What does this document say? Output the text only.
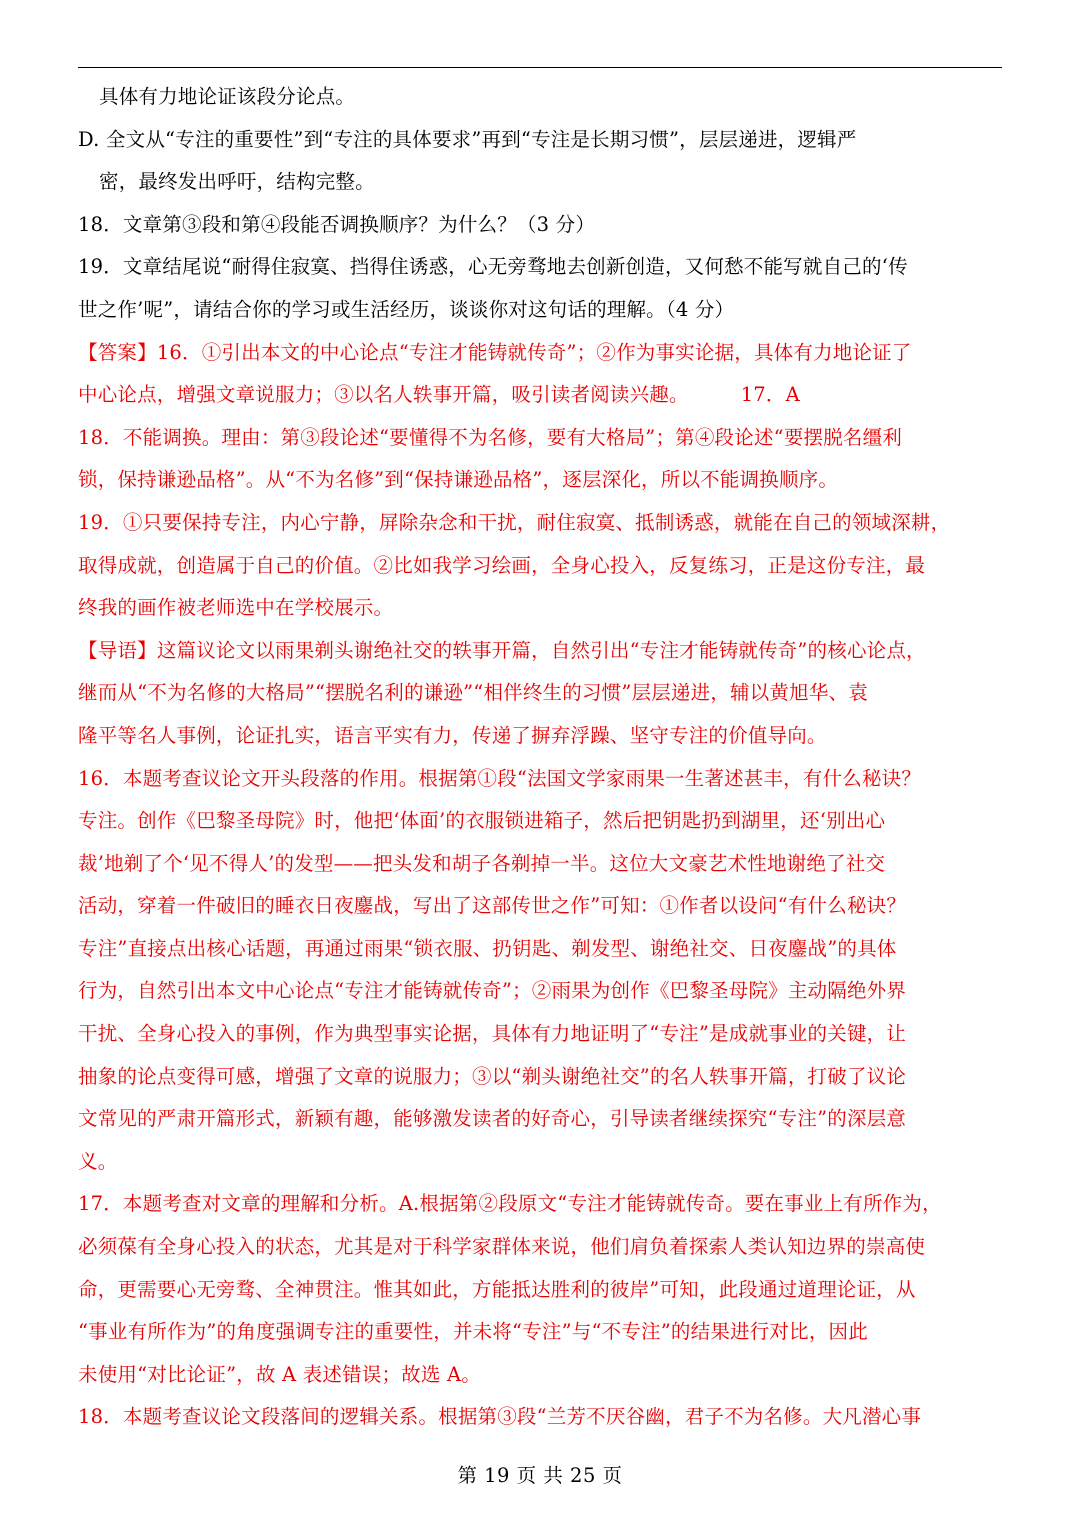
具体有力地论证该段分论点。

D. 全文从“专注的重要性”到“专注的具体要求”再到“专注是长期习惯”，层层递进，逻辑严

密，最终发出呼吁，结构完整。

18．文章第③段和第④段能否调换顺序？为什么？（3 分）

19．文章结尾说“耐得住寂寞、挡得住诱惑，心无旁骛地去创新创造，又何愁不能写就自己的‘传

世之作’呢”，请结合你的学习或生活经历，谈谈你对这句话的理解。（4 分）

【答案】16．①引出本文的中心论点“专注才能铸就传奇”；②作为事实论据，具体有力地论证了

中心论点，增强文章说服力；③以名人轶事开篇，吸引读者阅读兴趣。	17．A

18．不能调换。理由：第③段论述“要懂得不为名修，要有大格局”；第④段论述“要摆脱名缰利

锁，保持谦逊品格”。从“不为名修”到“保持谦逊品格”，逐层深化，所以不能调换顺序。

19．①只要保持专注，内心宁静，屏除杂念和干扰，耐住寂寞、抵制诱惑，就能在自己的领域深耕，

取得成就，创造属于自己的价值。②比如我学习绘画，全身心投入，反复练习，正是这份专注，最

终我的画作被老师选中在学校展示。

【导语】这篇议论文以雨果剃头谢绝社交的轶事开篇，自然引出“专注才能铸就传奇”的核心论点，

继而从“不为名修的大格局”“摆脱名利的谦逊”“相伴终生的习惯”层层递进，辅以黄旭华、袁

隆平等名人事例，论证扎实，语言平实有力，传递了摒弃浮躁、坚守专注的价值导向。

16．本题考查议论文开头段落的作用。根据第①段“法国文学家雨果一生著述甚丰，有什么秘诀？

专注。创作《巴黎圣母院》时，他把‘体面’的衣服锁进箱子，然后把钥匙扔到湖里，还‘别出心

裁’地剃了个‘见不得人’的发型——把头发和胡子各剃掉一半。这位大文豪艺术性地谢绝了社交

活动，穿着一件破旧的睡衣日夜鏖战，写出了这部传世之作”可知：①作者以设问“有什么秘诀？

专注”直接点出核心话题，再通过雨果“锁衣服、扔钥匙、剃发型、谢绝社交、日夜鏖战”的具体

行为，自然引出本文中心论点“专注才能铸就传奇”；②雨果为创作《巴黎圣母院》主动隔绝外界

干扰、全身心投入的事例，作为典型事实论据，具体有力地证明了“专注”是成就事业的关键，让

抽象的论点变得可感，增强了文章的说服力；③以“剃头谢绝社交”的名人轶事开篇，打破了议论

文常见的严肃开篇形式，新颖有趣，能够激发读者的好奇心，引导读者继续探究“专注”的深层意

义。

17．本题考查对文章的理解和分析。A.根据第②段原文“专注才能铸就传奇。要在事业上有所作为，

必须葆有全身心投入的状态，尤其是对于科学家群体来说，他们肩负着探索人类认知边界的崇高使

命，更需要心无旁骛、全神贯注。惟其如此，方能抵达胜利的彼岸”可知，此段通过道理论证，从

“事业有所作为”的角度强调专注的重要性，并未将“专注”与“不专注”的结果进行对比，因此

未使用“对比论证”，故 A 表述错误；故选 A。

18．本题考查议论文段落间的逻辑关系。根据第③段“兰芳不厌谷幽，君子不为名修。大凡潜心事

第 19 页 共 25 页
